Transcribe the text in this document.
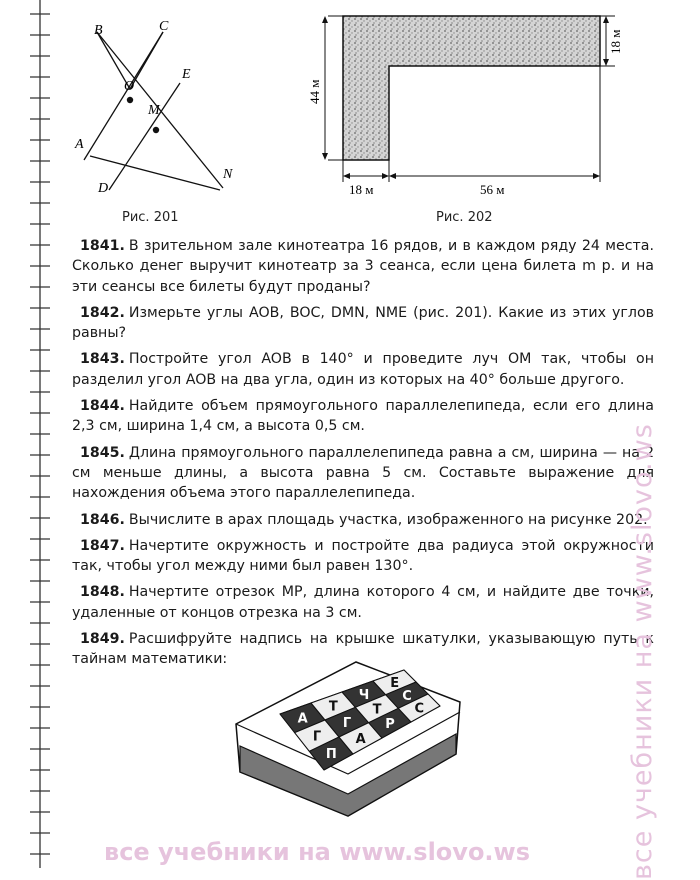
B	C
E
O
M
A
D
N
Рис. 201
44 м
18 м
18 м	56 м
Рис. 202

1841. В зрительном зале кинотеатра 16 рядов, и в каждом ряду 24 места. Сколько денег выручит кинотеатр за 3 сеанса, если цена билета m р. и на эти сеансы все билеты будут проданы?

1842. Измерьте углы AOB, BOC, DMN, NME (рис. 201). Какие из этих углов равны?

1843. Постройте угол AOB в 140° и проведите луч OM так, чтобы он разделил угол AOB на два угла, один из которых на 40° больше другого.

1844. Найдите объем прямоугольного параллелепипеда, если его длина 2,3 см, ширина 1,4 см, а высота 0,5 см.

1845. Длина прямоугольного параллелепипеда равна a см, ширина — на 2 см меньше длины, а высота равна 5 см. Составьте выражение для нахождения объема этого параллелепипеда.

1846. Вычислите в арах площадь участка, изображенного на рисунке 202.

1847. Начертите окружность и постройте два радиуса этой окружности так, чтобы угол между ними был равен 130°.

1848. Начертите отрезок MP, длина которого 4 см, и найдите две точки, удаленные от концов отрезка на 3 см.

1849. Расшифруйте надпись на крышке шкатулки, указывающую путь к тайнам математики:

А
Т
Ч
Е
Г
Г
Т
С
П
А
Р
С	все учебники на www.slovo.ws
все учебники на www.slovo.ws
